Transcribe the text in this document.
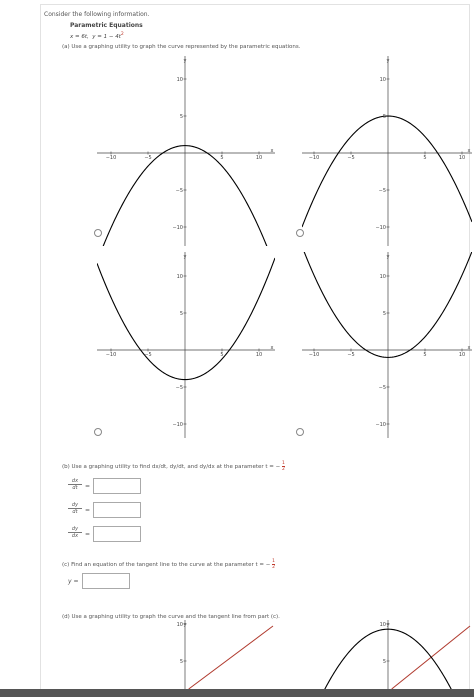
Consider the following information.
Parametric Equations
x = 6t, $y = 1 - 4t^2$
(a) Use a graphing utility to graph the curve represented by the parametric equations.
y
x
−10	−5	5	10
−5
−10
5
10
y
x
−10	−5	5	10
−5
−10
5
10
y
x
−10	−5	5	10
−5
−10
5
10
y
x
−10	−5	5	10
−5
−10
5
10
(b) Use a graphing utility to find dx/dt, dy/dt, and dy/dx at the parameter t = − $\frac{1}{2}$
$\frac{dx}{dt}$ =
$\frac{dy}{dt}$ =
$\frac{dy}{dx}$ =
(c) Find an equation of the tangent line to the curve at the parameter t = − $\frac{1}{2}$
y =
(d) Use a graphing utility to graph the curve and the tangent line from part (c).
y
5
10	y
5
10
